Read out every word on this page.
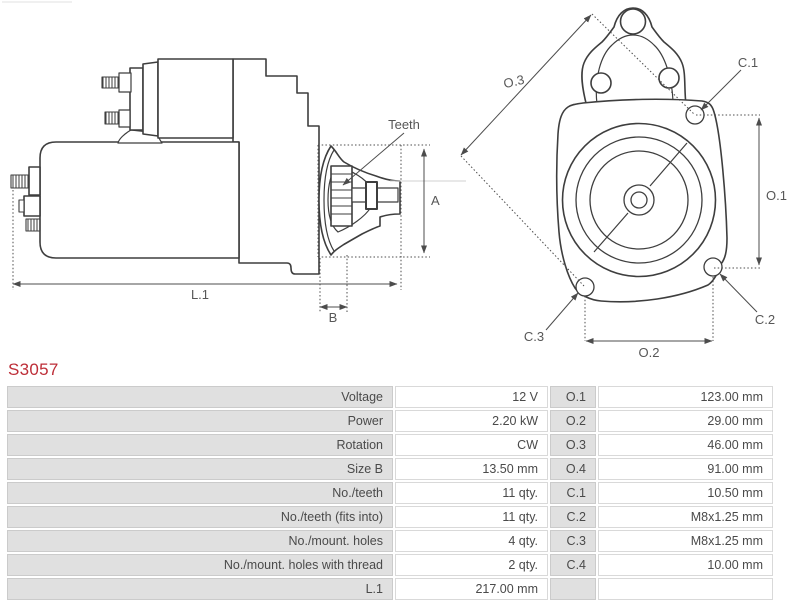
Teeth
A
L.1
B
O.3
C.1
O.1
C.2
C.3
O.2
S3057
Voltage	12 V	O.1	123.00 mm
Power	2.20 kW	O.2	29.00 mm
Rotation	CW	O.3	46.00 mm
Size B	13.50 mm	O.4	91.00 mm
No./teeth	11 qty.	C.1	10.50 mm
No./teeth (fits into)	11 qty.	C.2	M8x1.25 mm
No./mount. holes	4 qty.	C.3	M8x1.25 mm
No./mount. holes with thread	2 qty.	C.4	10.00 mm
L.1	217.00 mm		
